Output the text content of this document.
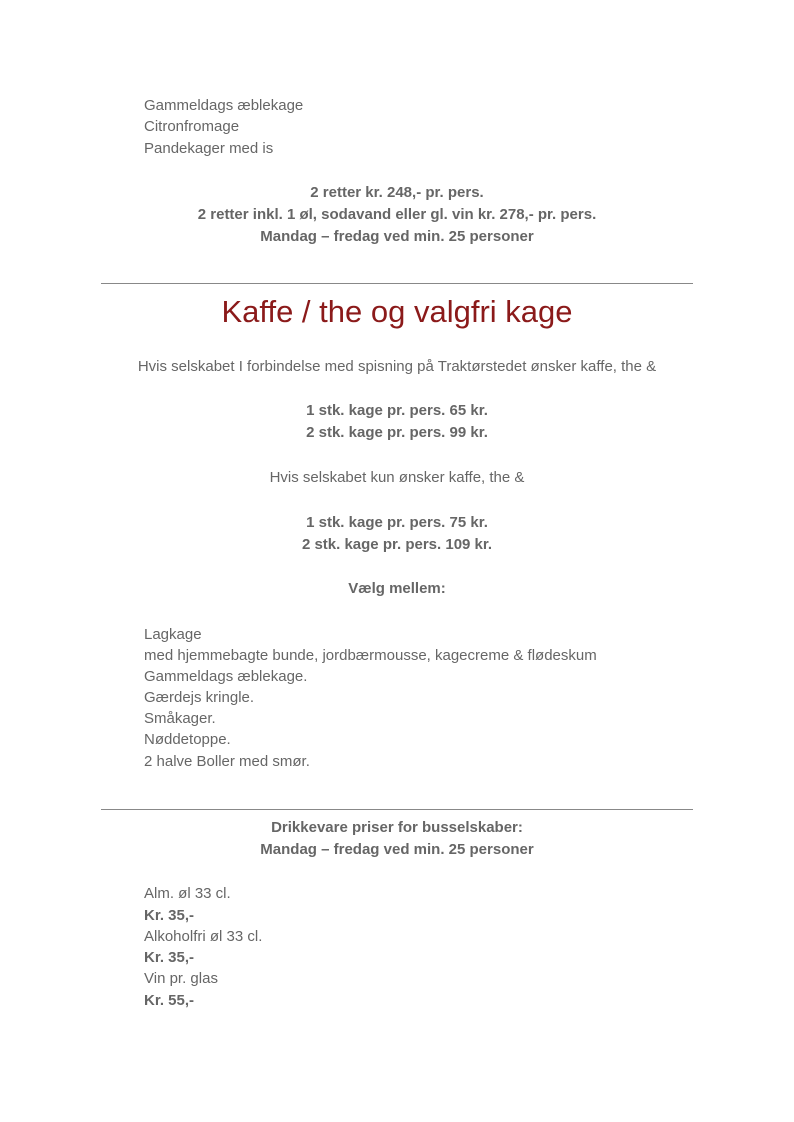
Gammeldags æblekage
Citronfromage
Pandekager med is
2 retter kr. 248,- pr. pers.
2 retter inkl. 1 øl, sodavand eller gl. vin kr. 278,- pr. pers.
Mandag – fredag ved min. 25 personer
Kaffe / the og valgfri kage
Hvis selskabet I forbindelse med spisning på Traktørstedet ønsker kaffe, the &
1 stk. kage pr. pers. 65 kr.
2 stk. kage pr. pers. 99 kr.
Hvis selskabet kun ønsker kaffe, the &
1 stk. kage pr. pers. 75 kr.
2 stk. kage pr. pers. 109 kr.
Vælg mellem:
Lagkage
med hjemmebagte bunde, jordbærmousse, kagecreme & flødeskum
Gammeldags æblekage.
Gærdejs kringle.
Småkager.
Nøddetoppe.
2 halve Boller med smør.
Drikkevare priser for busselskaber:
Mandag – fredag ved min. 25 personer
Alm. øl 33 cl.
Kr. 35,-
Alkoholfri øl 33 cl.
Kr. 35,-
Vin pr. glas
Kr. 55,-
